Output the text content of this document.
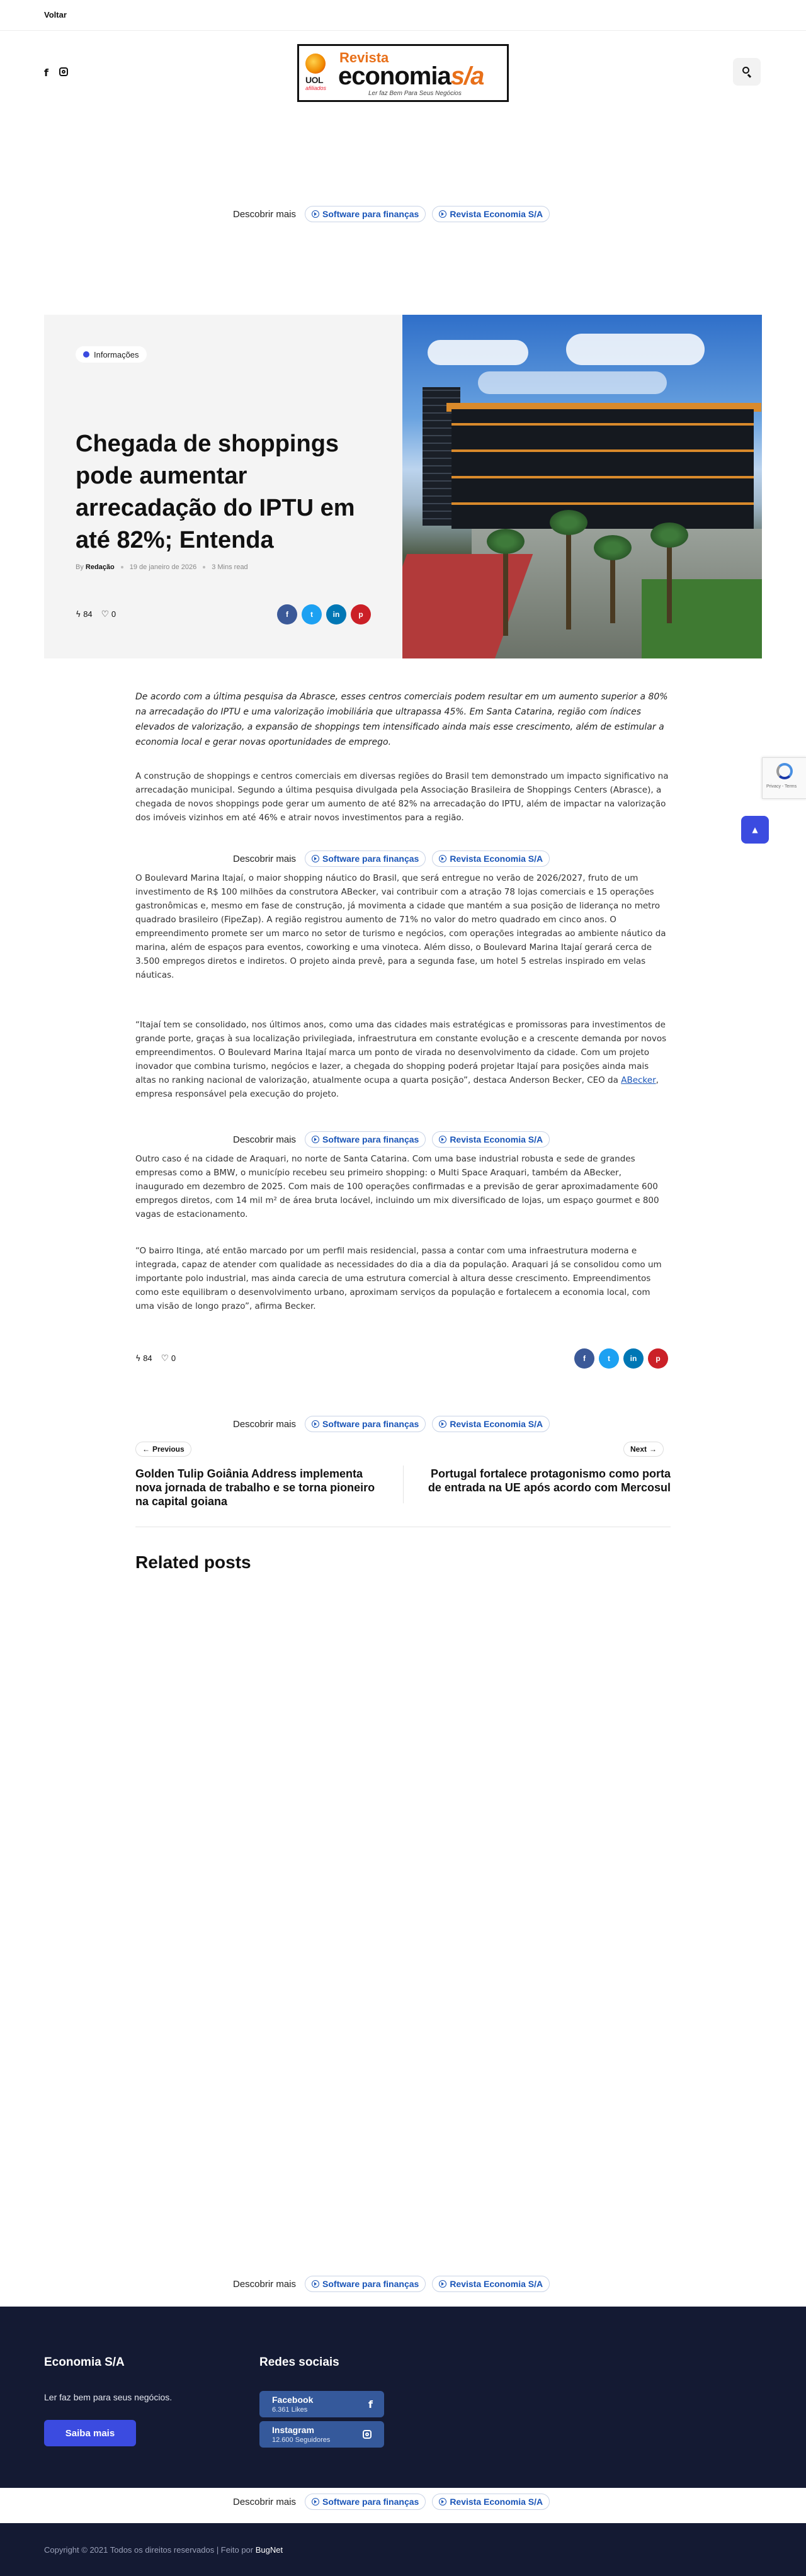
Voltar
f
UOL
afiliados
Revista
economias/a
Ler faz Bem Para Seus Negócios
Descobrir mais	Software para finanças	Revista Economia S/A
Informações
Chegada de shoppings pode aumentar arrecadação do IPTU em até 82%; Entenda
By Redação 19 de janeiro de 2026 3 Mins read
ϟ 84 ♡ 0	f	t	in	p

De acordo com a última pesquisa da Abrasce, esses centros comerciais podem resultar em um aumento superior a 80% na arrecadação do IPTU e uma valorização imobiliária que ultrapassa 45%. Em Santa Catarina, região com índices elevados de valorização, a expansão de shoppings tem intensificado ainda mais esse crescimento, além de estimular a economia local e gerar novas oportunidades de emprego.

A construção de shoppings e centros comerciais em diversas regiões do Brasil tem demonstrado um impacto significativo na arrecadação municipal. Segundo a última pesquisa divulgada pela Associação Brasileira de Shoppings Centers (Abrasce), a chegada de novos shoppings pode gerar um aumento de até 82% na arrecadação do IPTU, além de impactar na valorização dos imóveis vizinhos em até 46% e atrair novos investimentos para a região.

Descobrir mais	Software para finanças	Revista Economia S/A

O Boulevard Marina Itajaí, o maior shopping náutico do Brasil, que será entregue no verão de 2026/2027, fruto de um investimento de R$ 100 milhões da construtora ABecker, vai contribuir com a atração 78 lojas comerciais e 15 operações gastronômicas e, mesmo em fase de construção, já movimenta a cidade que mantém a sua posição de liderança no metro quadrado brasileiro (FipeZap). A região registrou aumento de 71% no valor do metro quadrado em cinco anos. O empreendimento promete ser um marco no setor de turismo e negócios, com operações integradas ao ambiente náutico da marina, além de espaços para eventos, coworking e uma vinoteca. Além disso, o Boulevard Marina Itajaí gerará cerca de 3.500 empregos diretos e indiretos. O projeto ainda prevê, para a segunda fase, um hotel 5 estrelas inspirado em velas náuticas.

“Itajaí tem se consolidado, nos últimos anos, como uma das cidades mais estratégicas e promissoras para investimentos de grande porte, graças à sua localização privilegiada, infraestrutura em constante evolução e a crescente demanda por novos empreendimentos. O Boulevard Marina Itajaí marca um ponto de virada no desenvolvimento da cidade. Com um projeto inovador que combina turismo, negócios e lazer, a chegada do shopping poderá projetar Itajaí para posições ainda mais altas no ranking nacional de valorização, atualmente ocupa a quarta posição”, destaca Anderson Becker, CEO da ABecker, empresa responsável pela execução do projeto.

Descobrir mais	Software para finanças	Revista Economia S/A

Outro caso é na cidade de Araquari, no norte de Santa Catarina. Com uma base industrial robusta e sede de grandes empresas como a BMW, o município recebeu seu primeiro shopping: o Multi Space Araquari, também da ABecker, inaugurado em dezembro de 2025. Com mais de 100 operações confirmadas e a previsão de gerar aproximadamente 600 empregos diretos, com 14 mil m² de área bruta locável, incluindo um mix diversificado de lojas, um espaço gourmet e 800 vagas de estacionamento.

“O bairro Itinga, até então marcado por um perfil mais residencial, passa a contar com uma infraestrutura moderna e integrada, capaz de atender com qualidade as necessidades do dia a dia da população. Araquari já se consolidou como um importante polo industrial, mas ainda carecia de uma estrutura comercial à altura desse crescimento. Empreendimentos como este equilibram o desenvolvimento urbano, aproximam serviços da população e fortalecem a economia local, com uma visão de longo prazo”, afirma Becker.

ϟ 84 ♡ 0	f	t	in	p
Descobrir mais	Software para finanças	Revista Economia S/A
← Previous
Golden Tulip Goiânia Address implementa nova jornada de trabalho e se torna pioneiro na capital goiana
Next →
Portugal fortalece protagonismo como porta de entrada na UE após acordo com Mercosul
Related posts
Descobrir mais	Software para finanças	Revista Economia S/A
Economia S/A
Ler faz bem para seus negócios.
Saiba mais
Redes sociais
Facebook
6.361 Likes	f
Instagram
12.600 Seguidores
Descobrir mais	Software para finanças	Revista Economia S/A
Copyright © 2021 Todos os direitos reservados | Feito por BugNet
Privacy - Terms
▲
